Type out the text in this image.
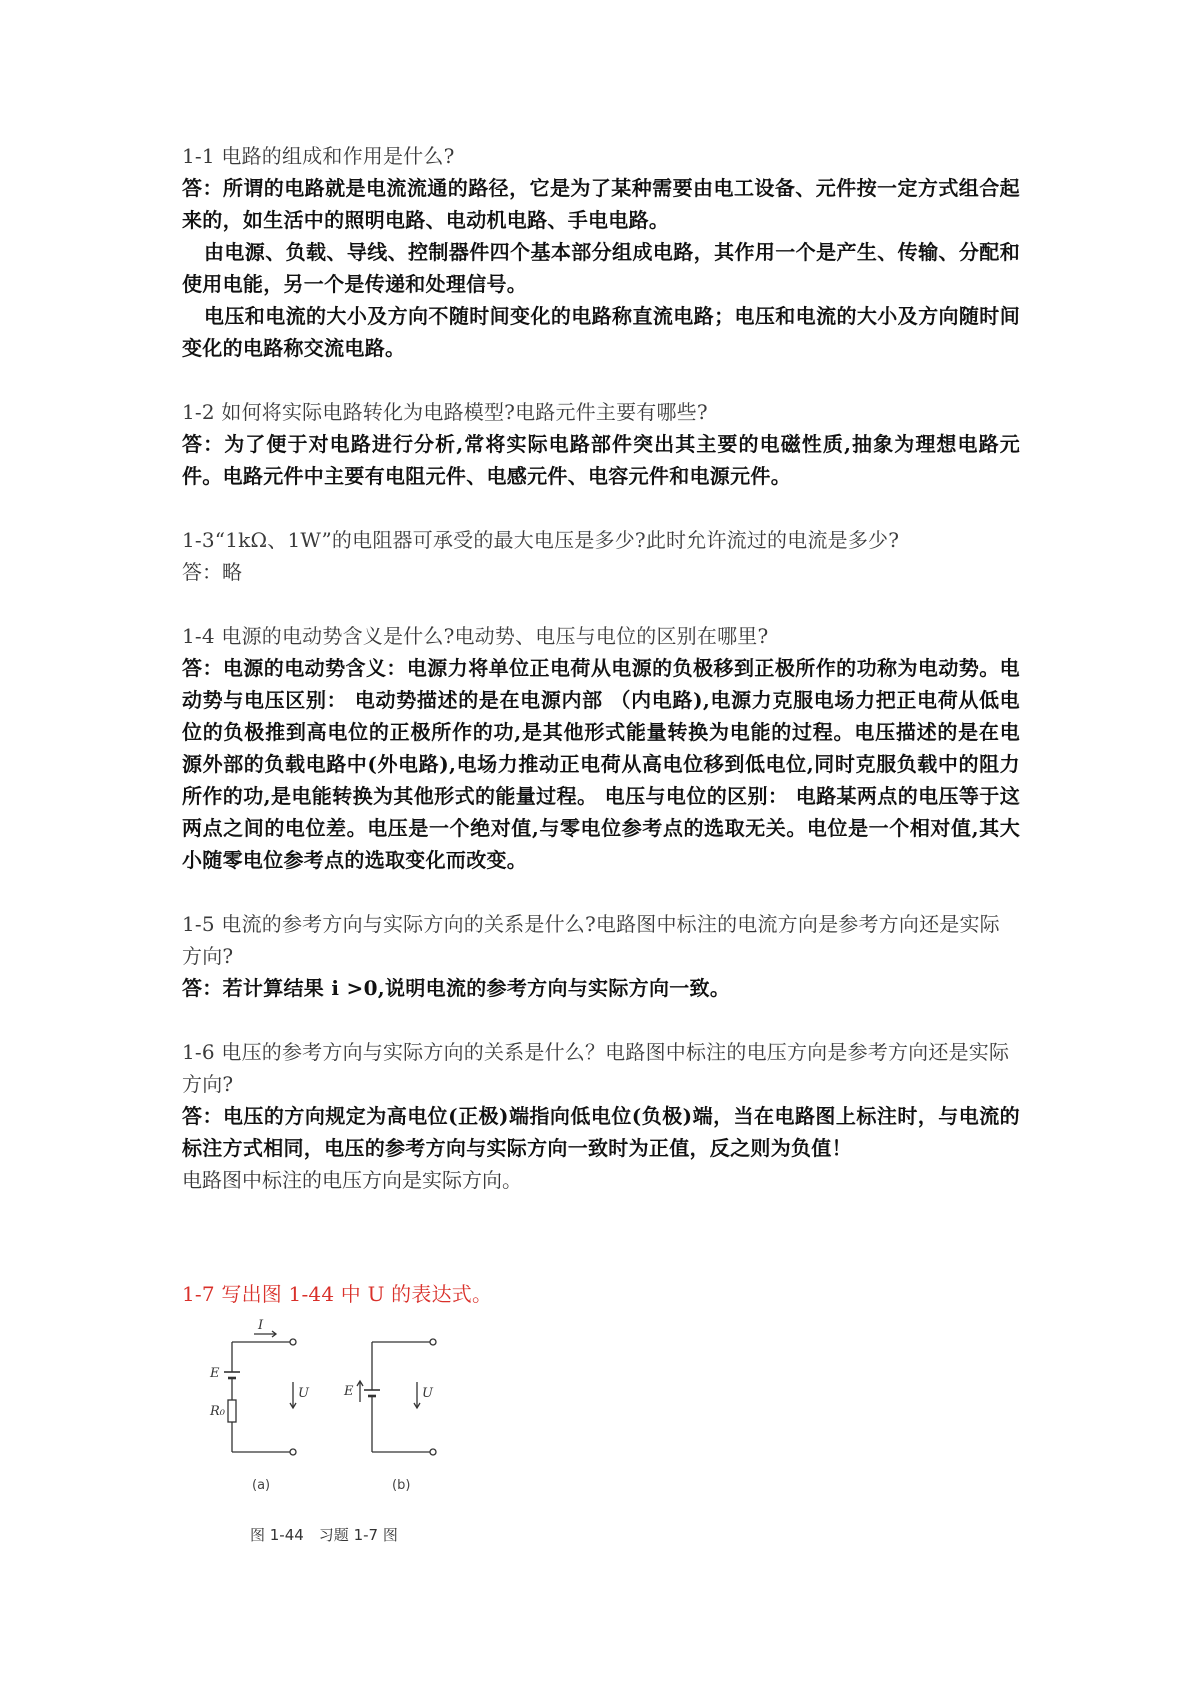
1-1 电路的组成和作用是什么?

答：所谓的电路就是电流流通的路径，它是为了某种需要由电工设备、元件按一定方式组合起来的，如生活中的照明电路、电动机电路、手电电路。

由电源、负载、导线、控制器件四个基本部分组成电路，其作用一个是产生、传输、分配和使用电能，另一个是传递和处理信号。

电压和电流的大小及方向不随时间变化的电路称直流电路；电压和电流的大小及方向随时间变化的电路称交流电路。

1-2 如何将实际电路转化为电路模型?电路元件主要有哪些?

答：为了便于对电路进行分析,常将实际电路部件突出其主要的电磁性质,抽象为理想电路元件。电路元件中主要有电阻元件、电感元件、电容元件和电源元件。

1-3“1kΩ、1W”的电阻器可承受的最大电压是多少?此时允许流过的电流是多少?

答：略

1-4 电源的电动势含义是什么?电动势、电压与电位的区别在哪里?

答：电源的电动势含义：电源力将单位正电荷从电源的负极移到正极所作的功称为电动势。电动势与电压区别： 电动势描述的是在电源内部 （内电路),电源力克服电场力把正电荷从低电位的负极推到高电位的正极所作的功,是其他形式能量转换为电能的过程。电压描述的是在电源外部的负载电路中(外电路),电场力推动正电荷从高电位移到低电位,同时克服负载中的阻力所作的功,是电能转换为其他形式的能量过程。 电压与电位的区别： 电路某两点的电压等于这两点之间的电位差。电压是一个绝对值,与零电位参考点的选取无关。电位是一个相对值,其大小随零电位参考点的选取变化而改变。

1-5 电流的参考方向与实际方向的关系是什么?电路图中标注的电流方向是参考方向还是实际方向?

答：若计算结果 i >0,说明电流的参考方向与实际方向一致。

1-6 电压的参考方向与实际方向的关系是什么？电路图中标注的电压方向是参考方向还是实际方向?

答：电压的方向规定为高电位(正极)端指向低电位(负极)端，当在电路图上标注时，与电流的标注方式相同，电压的参考方向与实际方向一致时为正值，反之则为负值！

电路图中标注的电压方向是实际方向。

1-7 写出图 1-44 中 U 的表达式。

I
E
U
R₀
E	U
(a)	(b)
图 1-44　习题 1-7 图
